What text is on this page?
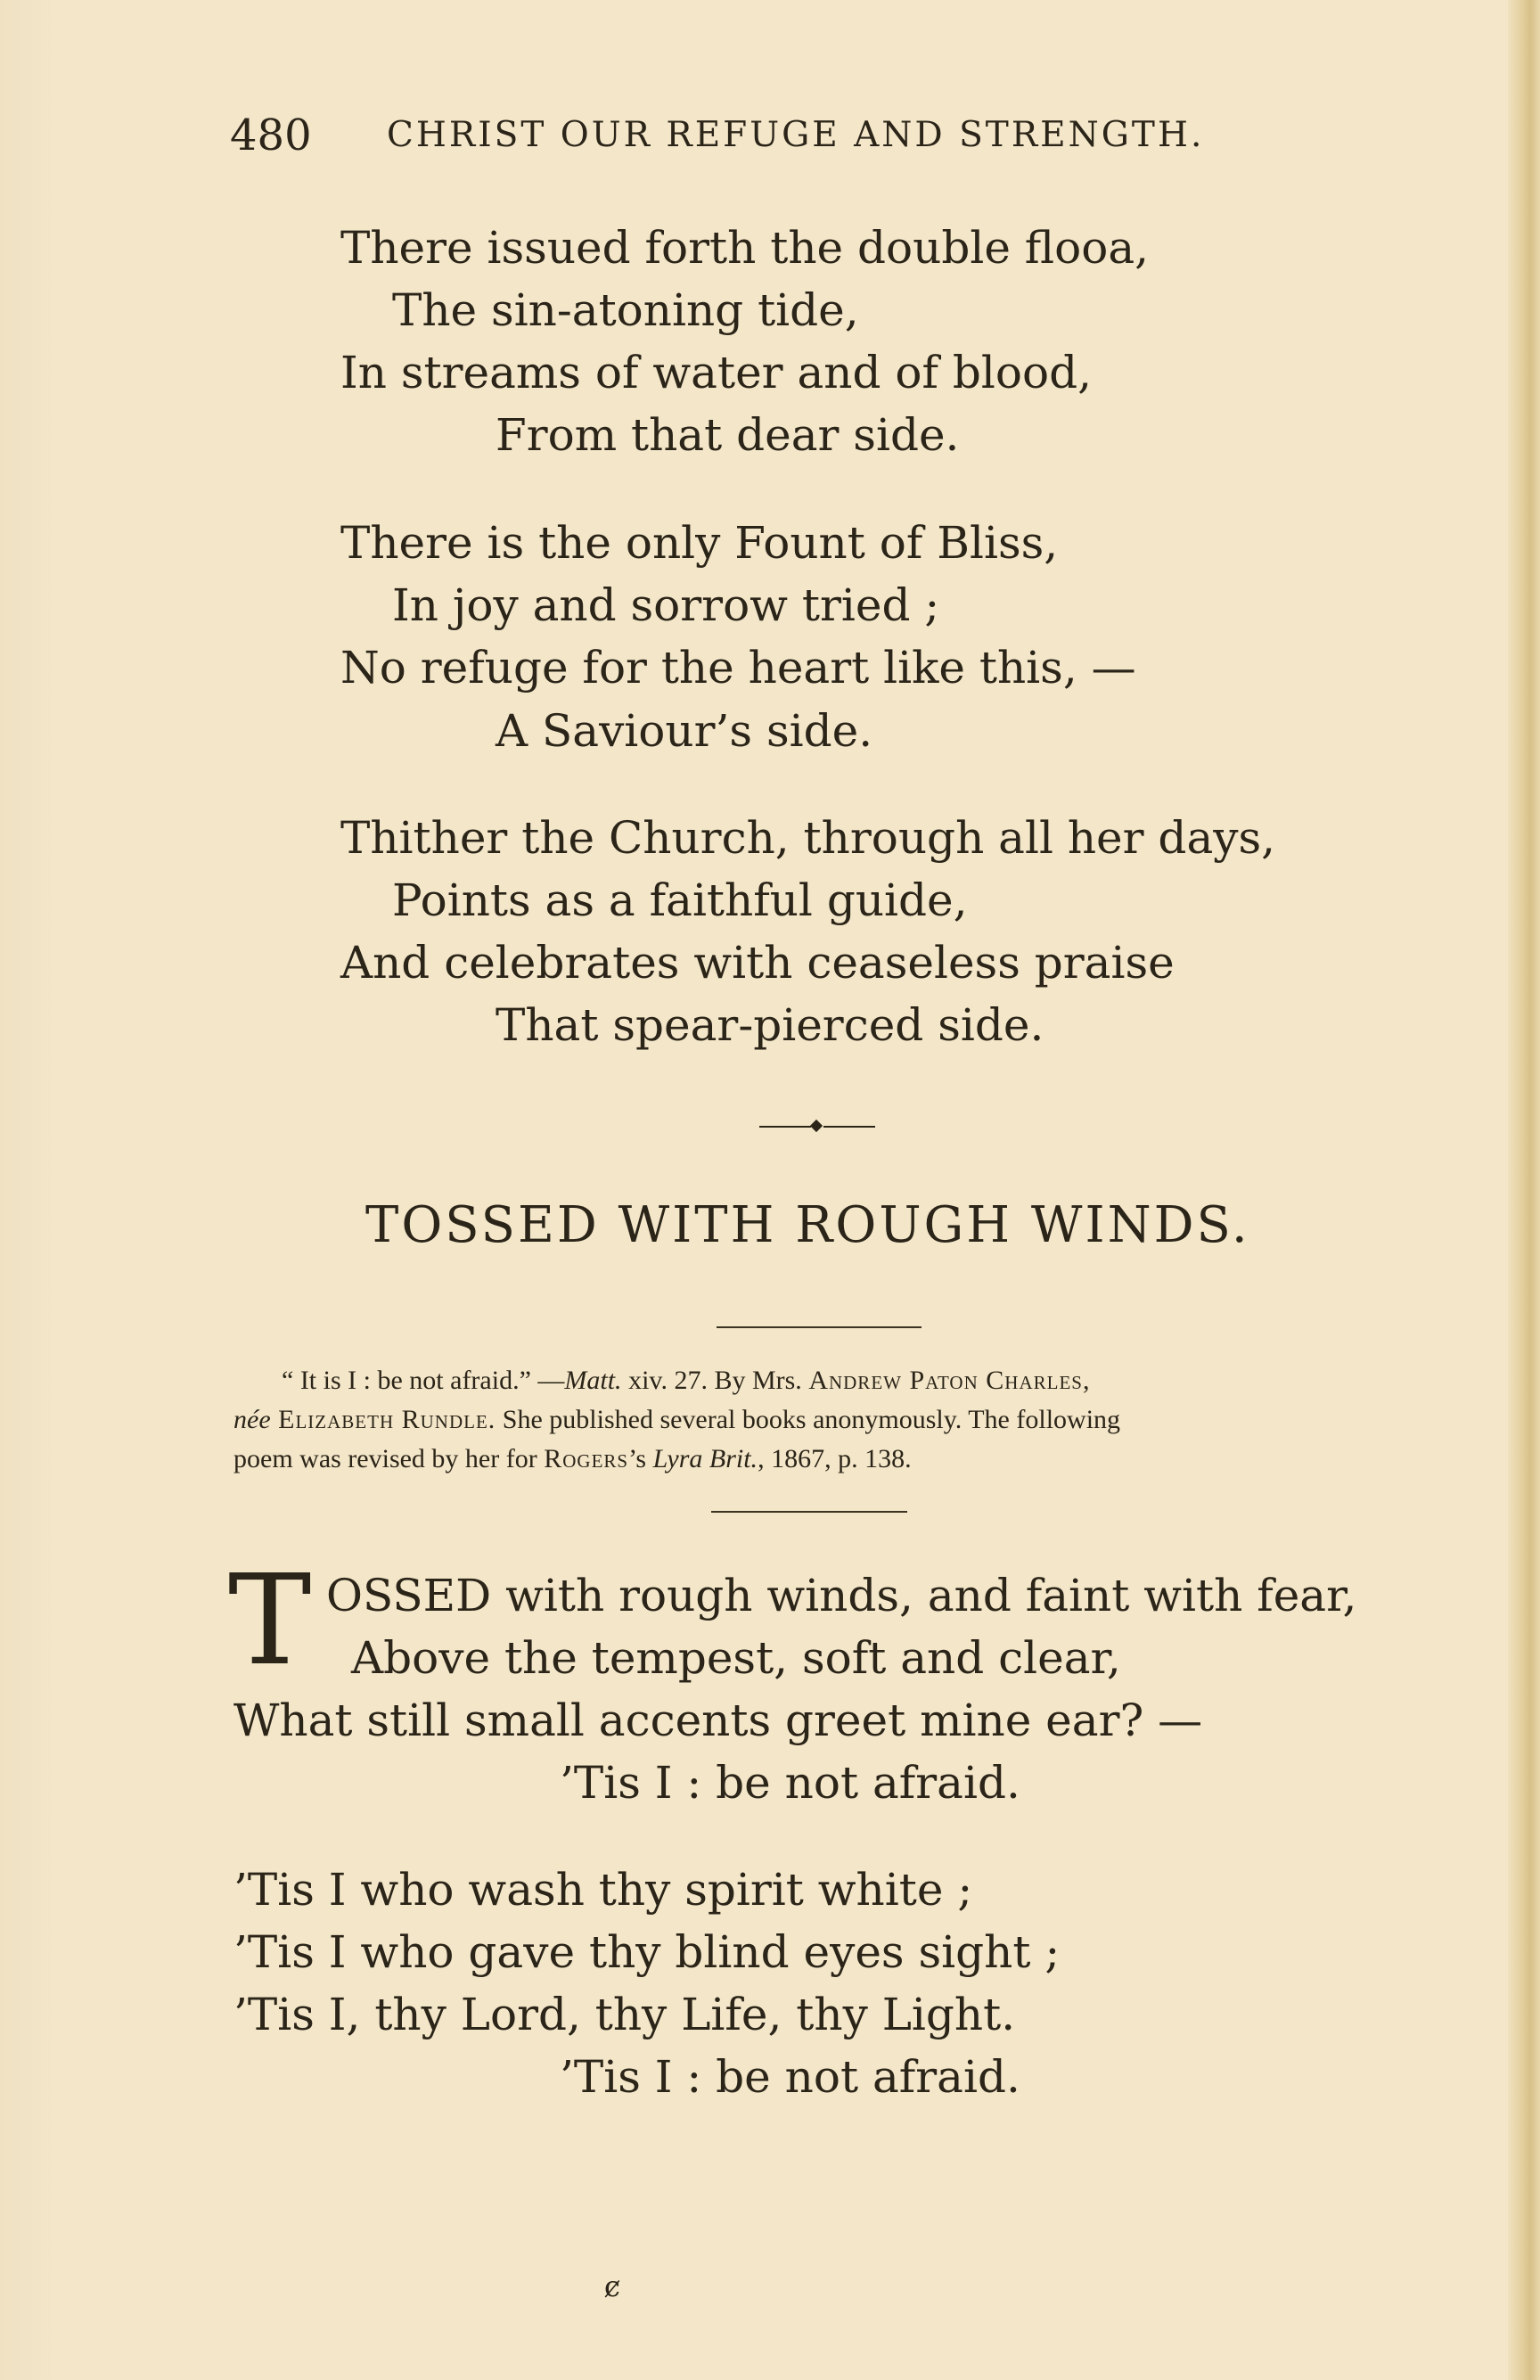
480 CHRIST OUR REFUGE AND STRENGTH.
There issued forth the double flooa,
The sin-atoning tide,
In streams of water and of blood,
From that dear side.
There is the only Fount of Bliss,
In joy and sorrow tried ;
No refuge for the heart like this, —
A Saviour’s side.
Thither the Church, through all her days,
Points as a faithful guide,
And celebrates with ceaseless praise
That spear-pierced side.
TOSSED WITH ROUGH WINDS.
“ It is I : be not afraid.” —Matt. xiv. 27. By Mrs. Andrew Paton Charles,
née Elizabeth Rundle. She published several books anonymously. The following
poem was revised by her for Rogers’s Lyra Brit., 1867, p. 138.
T OSSED with rough winds, and faint with fear,
Above the tempest, soft and clear,
What still small accents greet mine ear? —
’Tis I : be not afraid.
’Tis I who wash thy spirit white ;
’Tis I who gave thy blind eyes sight ;
’Tis I, thy Lord, thy Life, thy Light.
’Tis I : be not afraid.
ȼ
